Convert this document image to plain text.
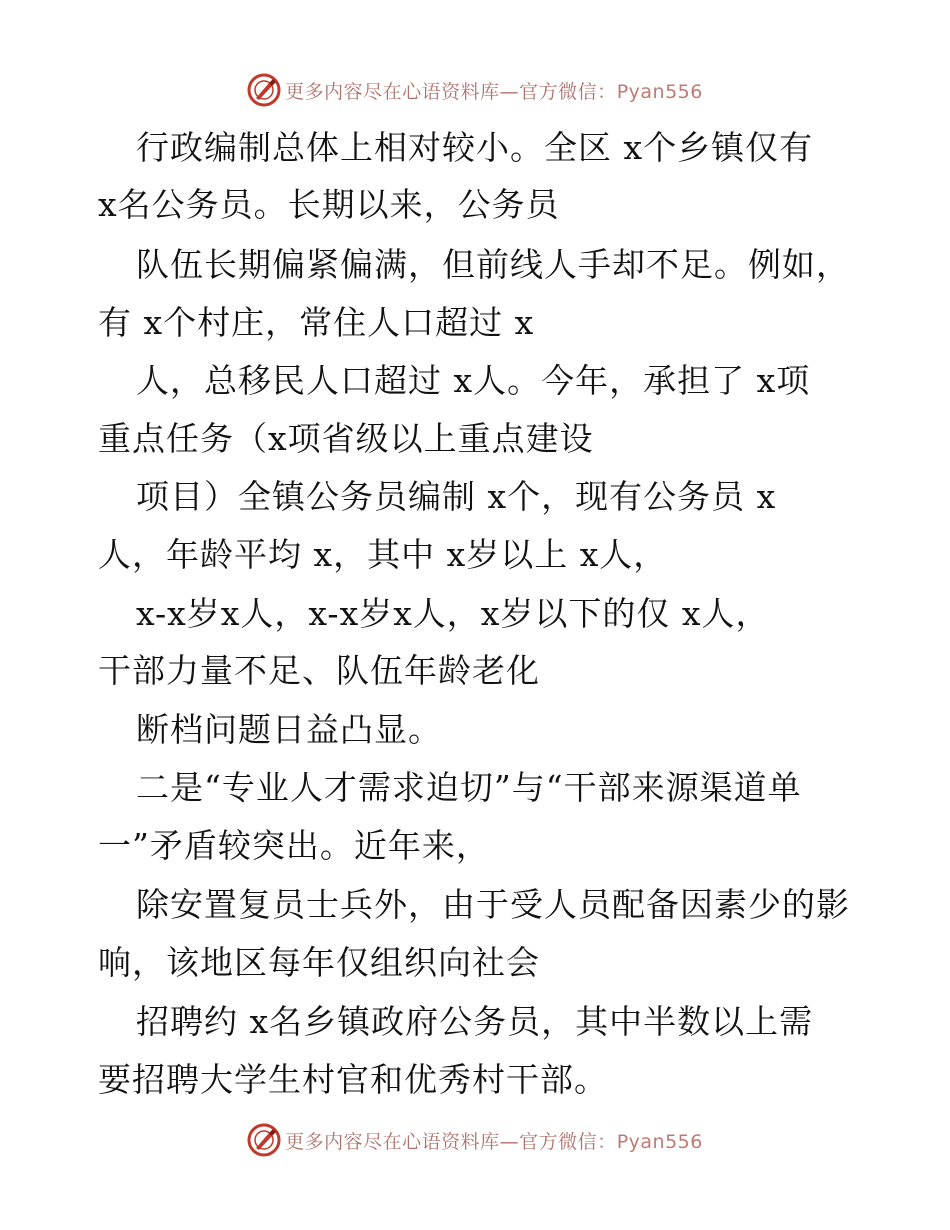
更多内容尽在心语资料库—官方微信：Pyan556
行政编制总体上相对较小。全区 x个乡镇仅有
x名公务员。长期以来，公务员
队伍长期偏紧偏满，但前线人手却不足。例如，
有 x个村庄，常住人口超过 x
人，总移民人口超过 x人。今年，承担了 x项
重点任务（x项省级以上重点建设
项目）全镇公务员编制 x个，现有公务员 x
人，年龄平均 x，其中 x岁以上 x人，
x-x岁x人，x-x岁x人，x岁以下的仅 x人，
干部力量不足、队伍年龄老化
断档问题日益凸显。
二是“专业人才需求迫切”与“干部来源渠道单
一”矛盾较突出。近年来，
除安置复员士兵外，由于受人员配备因素少的影
响，该地区每年仅组织向社会
招聘约 x名乡镇政府公务员，其中半数以上需
要招聘大学生村官和优秀村干部。
更多内容尽在心语资料库—官方微信：Pyan556
